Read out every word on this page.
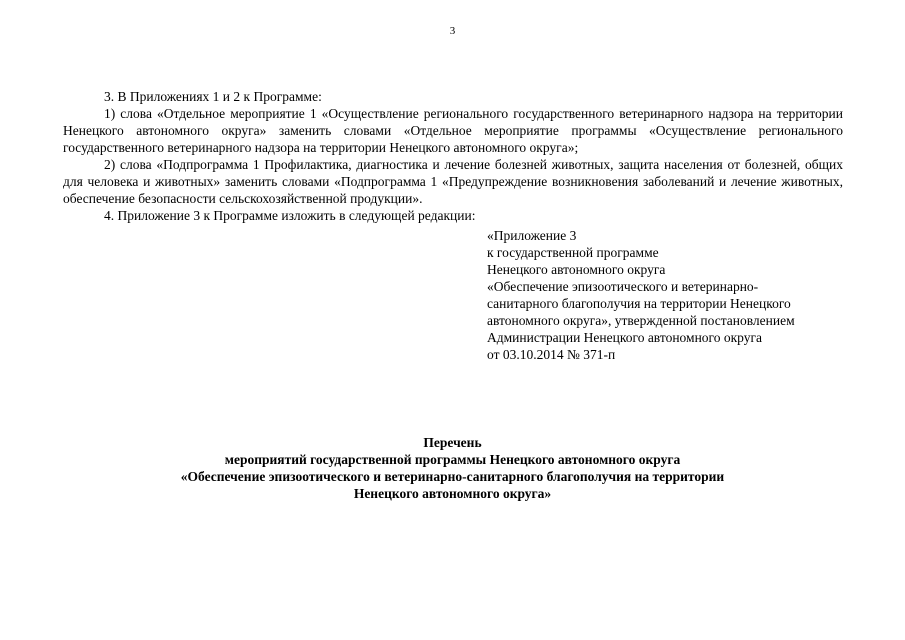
3

3. В Приложениях 1 и 2 к Программе:

1) слова «Отдельное мероприятие 1 «Осуществление регионального государственного ветеринарного надзора на территории Ненецкого автономного округа» заменить словами «Отдельное мероприятие программы «Осуществление регионального государственного ветеринарного надзора на территории Ненецкого автономного округа»;

2) слова «Подпрограмма 1 Профилактика, диагностика и лечение болезней животных, защита населения от болезней, общих для человека и животных» заменить словами «Подпрограмма 1 «Предупреждение возникновения заболеваний и лечение животных, обеспечение безопасности сельскохозяйственной продукции».

4. Приложение 3 к Программе изложить в следующей редакции:

«Приложение 3
к государственной программе
Ненецкого автономного округа
«Обеспечение эпизоотического и ветеринарно-
санитарного благополучия на территории Ненецкого
автономного округа», утвержденной постановлением
Администрации Ненецкого автономного округа
от 03.10.2014 № 371-п
Перечень
мероприятий государственной программы Ненецкого автономного округа
«Обеспечение эпизоотического и ветеринарно-санитарного благополучия на территории
Ненецкого автономного округа»
